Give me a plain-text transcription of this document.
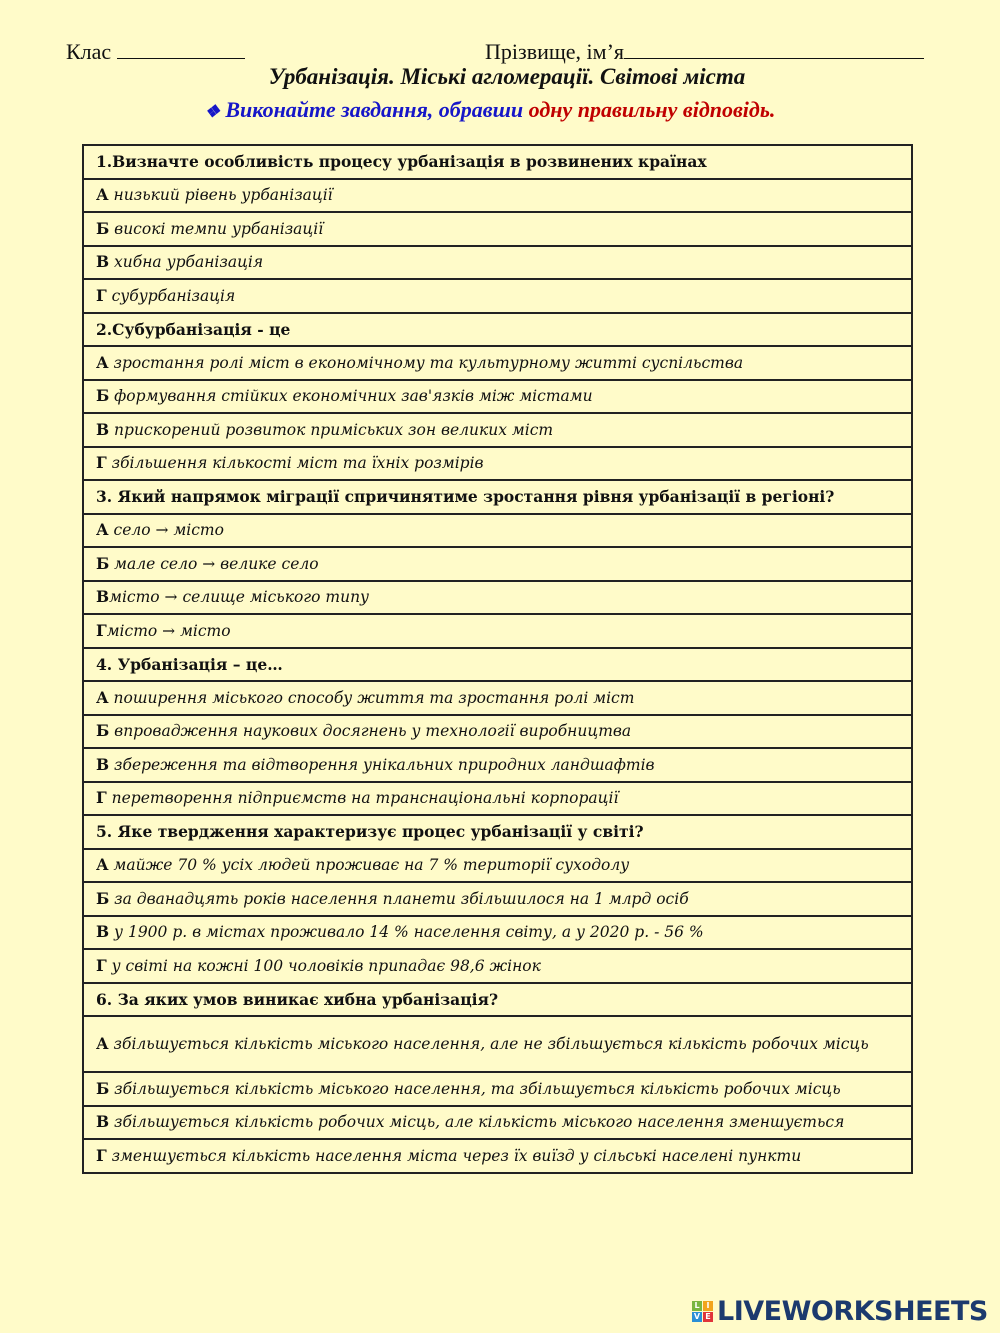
Клас	Прізвище, ім’я
Урбанізація. Міські агломерації. Світові міста
❖ Виконайте завдання, обравши одну правильну відповідь.
1.Визначте особливість процесу урбанізація в розвинених країнах
А низький рівень урбанізації
Б високі темпи урбанізації
В хибна урбанізація
Г субурбанізація
2.Субурбанізація - це
А зростання ролі міст в економічному та культурному житті суспільства
Б формування стійких економічних зав'язків між містами
В прискорений розвиток приміських зон великих міст
Г збільшення кількості міст та їхніх розмірів
3. Який напрямок міграції спричинятиме зростання рівня урбанізації в регіоні?
А село → місто
Б мале село → велике село
Вмісто → селище міського типу
Гмісто → місто
4. Урбанізація – це…
А поширення міського способу життя та зростання ролі міст
Б впровадження наукових досягнень у технології виробництва
В збереження та відтворення унікальних природних ландшафтів
Г перетворення підприємств на транснаціональні корпорації
5. Яке твердження характеризує процес урбанізації у світі?
А майже 70 % усіх людей проживає на 7 % території суходолу
Б за дванадцять років населення планети збільшилося на 1 млрд осіб
В у 1900 р. в містах проживало 14 % населення світу, а у 2020 р. - 56 %
Г у світі на кожні 100 чоловіків припадає 98,6 жінок
6. За яких умов виникає хибна урбанізація?
А збільшується кількість міського населення, але не збільшується кількість робочих місць
Б збільшується кількість міського населення, та збільшується кількість робочих місць
В збільшується кількість робочих місць, але кількість міського населення зменшується
Г зменшується кількість населення міста через їх виїзд у сільські населені пункти
L I
V E LIVEWORKSHEETS
